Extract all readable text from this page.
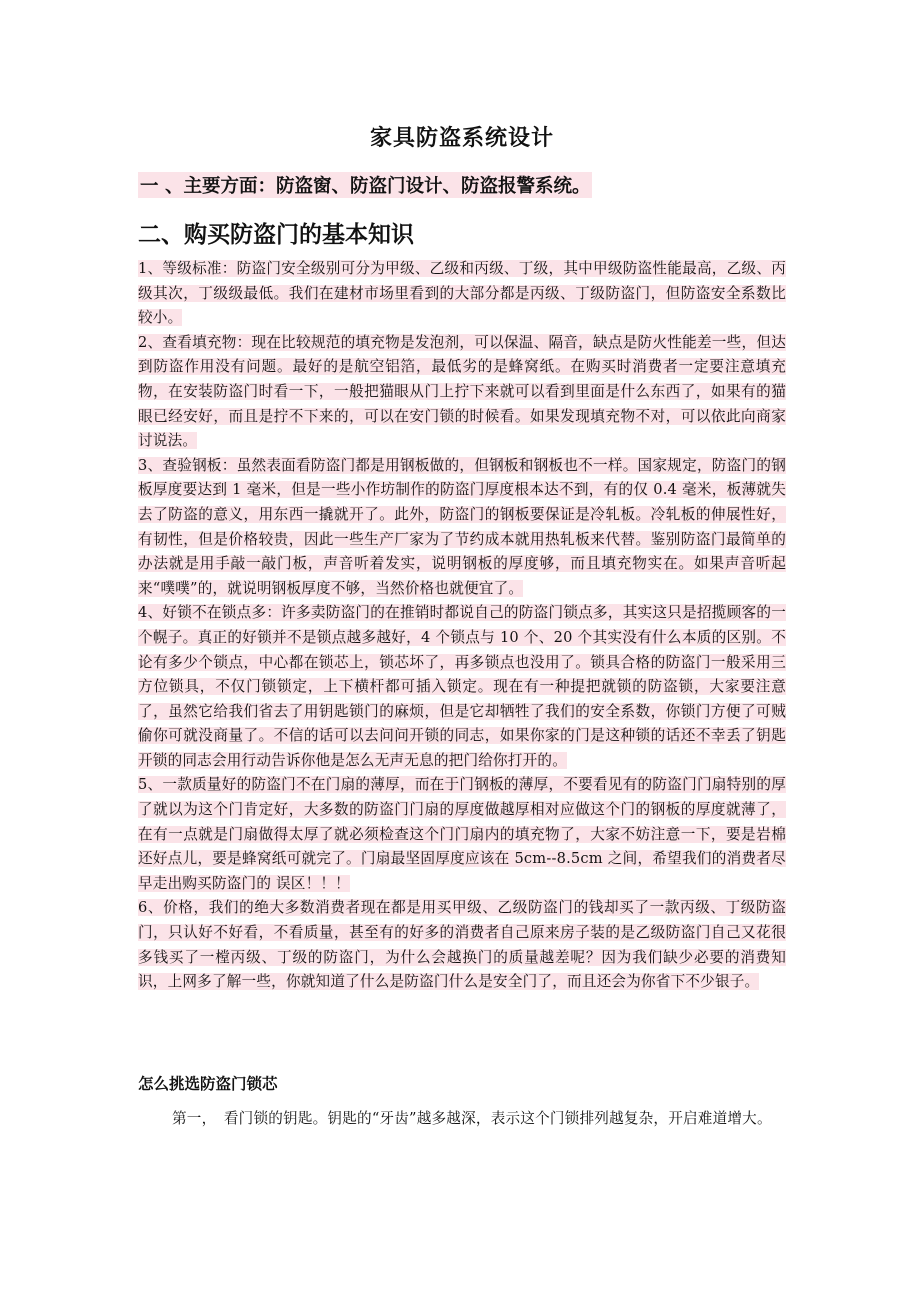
家具防盗系统设计
一 、主要方面：防盗窗、防盗门设计、防盗报警系统。
二、购买防盗门的基本知识

1、等级标准：防盗门安全级别可分为甲级、乙级和丙级、丁级，其中甲级防盗性能最高，乙级、丙级其次，丁级级最低。我们在建材市场里看到的大部分都是丙级、丁级防盗门，但防盗安全系数比较小。

2、查看填充物：现在比较规范的填充物是发泡剂，可以保温、隔音，缺点是防火性能差一些，但达到防盗作用没有问题。最好的是航空铝箔，最低劣的是蜂窝纸。在购买时消费者一定要注意填充物，在安装防盗门时看一下，一般把猫眼从门上拧下来就可以看到里面是什么东西了，如果有的猫眼已经安好，而且是拧不下来的，可以在安门锁的时候看。如果发现填充物不对，可以依此向商家讨说法。

3、查验钢板：虽然表面看防盗门都是用钢板做的，但钢板和钢板也不一样。国家规定，防盗门的钢板厚度要达到 1 毫米，但是一些小作坊制作的防盗门厚度根本达不到，有的仅 0.4 毫米，板薄就失去了防盗的意义，用东西一撬就开了。此外，防盗门的钢板要保证是冷轧板。冷轧板的伸展性好，有韧性，但是价格较贵，因此一些生产厂家为了节约成本就用热轧板来代替。鉴别防盗门最简单的办法就是用手敲一敲门板，声音听着发实，说明钢板的厚度够，而且填充物实在。如果声音听起来“噗噗”的，就说明钢板厚度不够，当然价格也就便宜了。

4、好锁不在锁点多：许多卖防盗门的在推销时都说自己的防盗门锁点多，其实这只是招揽顾客的一个幌子。真正的好锁并不是锁点越多越好，4 个锁点与 10 个、20 个其实没有什么本质的区别。不论有多少个锁点，中心都在锁芯上，锁芯坏了，再多锁点也没用了。锁具合格的防盗门一般采用三方位锁具，不仅门锁锁定，上下横杆都可插入锁定。现在有一种提把就锁的防盗锁，大家要注意了，虽然它给我们省去了用钥匙锁门的麻烦，但是它却牺牲了我们的安全系数，你锁门方便了可贼偷你可就没商量了。不信的话可以去问问开锁的同志，如果你家的门是这种锁的话还不幸丢了钥匙开锁的同志会用行动告诉你他是怎么无声无息的把门给你打开的。

5、一款质量好的防盗门不在门扇的薄厚，而在于门钢板的薄厚，不要看见有的防盗门门扇特别的厚了就以为这个门肯定好，大多数的防盗门门扇的厚度做越厚相对应做这个门的钢板的厚度就薄了，在有一点就是门扇做得太厚了就必须检查这个门门扇内的填充物了，大家不妨注意一下，要是岩棉还好点儿，要是蜂窝纸可就完了。门扇最坚固厚度应该在 5cm--8.5cm 之间，希望我们的消费者尽早走出购买防盗门的 误区！！！

6、价格，我们的绝大多数消费者现在都是用买甲级、乙级防盗门的钱却买了一款丙级、丁级防盗门，只认好不好看，不看质量，甚至有的好多的消费者自己原来房子装的是乙级防盗门自己又花很多钱买了一樘丙级、丁级的防盗门，为什么会越换门的质量越差呢？因为我们缺少必要的消费知识，上网多了解一些，你就知道了什么是防盗门什么是安全门了，而且还会为你省下不少银子。

怎么挑选防盗门锁芯

第一，　看门锁的钥匙。钥匙的“牙齿”越多越深，表示这个门锁排列越复杂，开启难道增大。
